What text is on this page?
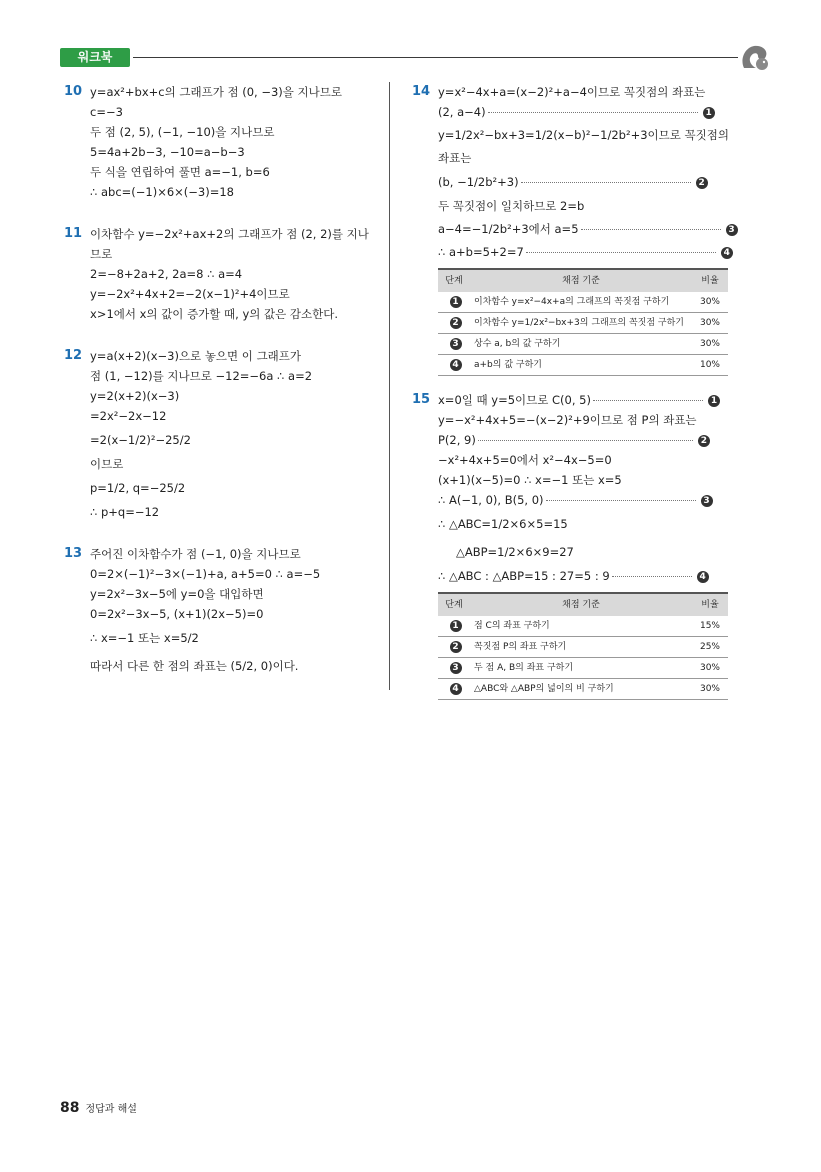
워크북
10 y=ax²+bx+c의 그래프가 점 (0, −3)을 지나므로
c=−3
두 점 (2, 5), (−1, −10)을 지나므로
5=4a+2b−3, −10=a−b−3
두 식을 연립하여 풀면 a=−1, b=6
∴ abc=(−1)×6×(−3)=18
11 이차함수 y=−2x²+ax+2의 그래프가 점 (2, 2)를 지나
므로
2=−8+2a+2, 2a=8 ∴ a=4
y=−2x²+4x+2=−2(x−1)²+4이므로
x>1에서 x의 값이 증가할 때, y의 값은 감소한다.
12 y=a(x+2)(x−3)으로 놓으면 이 그래프가
점 (1, −12)를 지나므로 −12=−6a ∴ a=2
y=2(x+2)(x−3)
=2x²−2x−12
=2(x−1/2)²−25/2
이므로
p=1/2, q=−25/2
∴ p+q=−12
13 주어진 이차함수가 점 (−1, 0)을 지나므로
0=2×(−1)²−3×(−1)+a, a+5=0 ∴ a=−5
y=2x²−3x−5에 y=0을 대입하면
0=2x²−3x−5, (x+1)(2x−5)=0
∴ x=−1 또는 x=5/2
따라서 다른 한 점의 좌표는 (5/2, 0)이다.
14 y=x²−4x+a=(x−2)²+a−4이므로 꼭짓점의 좌표는
(2, a−4)	1
y=1/2x²−bx+3=1/2(x−b)²−1/2b²+3이므로 꼭짓점의
좌표는
(b, −1/2b²+3)	2
두 꼭짓점이 일치하므로 2=b
a−4=−1/2b²+3에서 a=5	3
∴ a+b=5+2=7	4
단계	채점 기준	비율
1	이차함수 y=x²−4x+a의 그래프의 꼭짓점 구하기	30%
2	이차함수 y=1/2x²−bx+3의 그래프의 꼭짓점 구하기	30%
3	상수 a, b의 값 구하기	30%
4	a+b의 값 구하기	10%
15 x=0일 때 y=5이므로 C(0, 5)	1
y=−x²+4x+5=−(x−2)²+9이므로 점 P의 좌표는
P(2, 9)	2
−x²+4x+5=0에서 x²−4x−5=0
(x+1)(x−5)=0 ∴ x=−1 또는 x=5
∴ A(−1, 0), B(5, 0)	3
∴ △ABC=1/2×6×5=15
△ABP=1/2×6×9=27
∴ △ABC : △ABP=15 : 27=5 : 9	4
단계	채점 기준	비율
1	점 C의 좌표 구하기	15%
2	꼭짓점 P의 좌표 구하기	25%
3	두 점 A, B의 좌표 구하기	30%
4	△ABC와 △ABP의 넓이의 비 구하기	30%
88 정답과 해설
